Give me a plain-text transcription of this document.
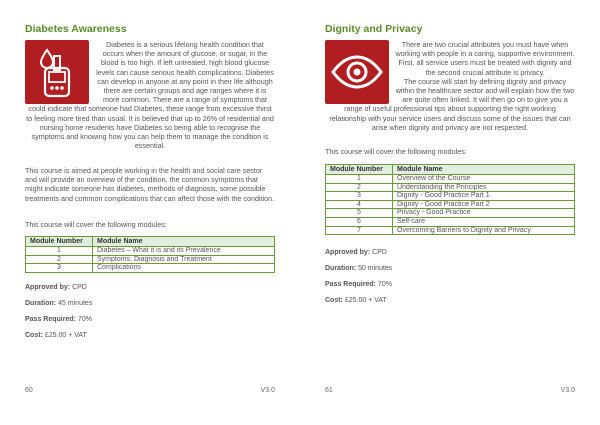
Diabetes Awareness

Diabetes is a serious lifelong health condition that occurs when the amount of glucose, or sugar, in the blood is too high. If left untreated, high blood glucose levels can cause serious health complications. Diabetes can develop in anyone at any point in their life although there are certain groups and age ranges where it is more common. There are a range of symptoms that could indicate that someone had Diabetes, these range from excessive thirst to feeling more tired than usual. It is believed that up to 26% of residential and nursing home residents have Diabetes so being able to recognise the symptoms and knowing how you can help them to manage the condition is essential.

This course is aimed at people working in the health and social care sector and will provide an overview of the condition, the common symptoms that might indicate someone has diabetes, methods of diagnosis, some possible treatments and common complications that can affect those with the condition.

This course will cover the following modules:

Module Number	Module Name
1	Diabetes – What it is and its Prevalence
2	Symptoms, Diagnosis and Treatment
3	Complications
Approved by: CPD
Duration: 45 minutes
Pass Required: 70%
Cost: £25.00 + VAT
60	V3.0
Dignity and Privacy

There are two crucial attributes you must have when working with people in a caring, supportive environment. First, all service users must be treated with dignity and the second crucial attribute is privacy.

The course will start by defining dignity and privacy within the healthcare sector and will explain how the two are quite often linked. It will then go on to give you a range of useful professional tips about supporting the right working relationship with your service users and discuss some of the issues that can arise when dignity and privacy are not respected.

This course will cover the following modules:

Module Number	Module Name
1	Overview of the Course
2	Understanding the Principles
3	Dignity - Good Practice Part 1
4	Dignity - Good Practice Part 2
5	Privacy - Good Practice
6	Self-care
7	Overcoming Barriers to Dignity and Privacy
Approved by: CPD
Duration: 50 minutes
Pass Required: 70%
Cost: £25.00 + VAT
61	V3.0
